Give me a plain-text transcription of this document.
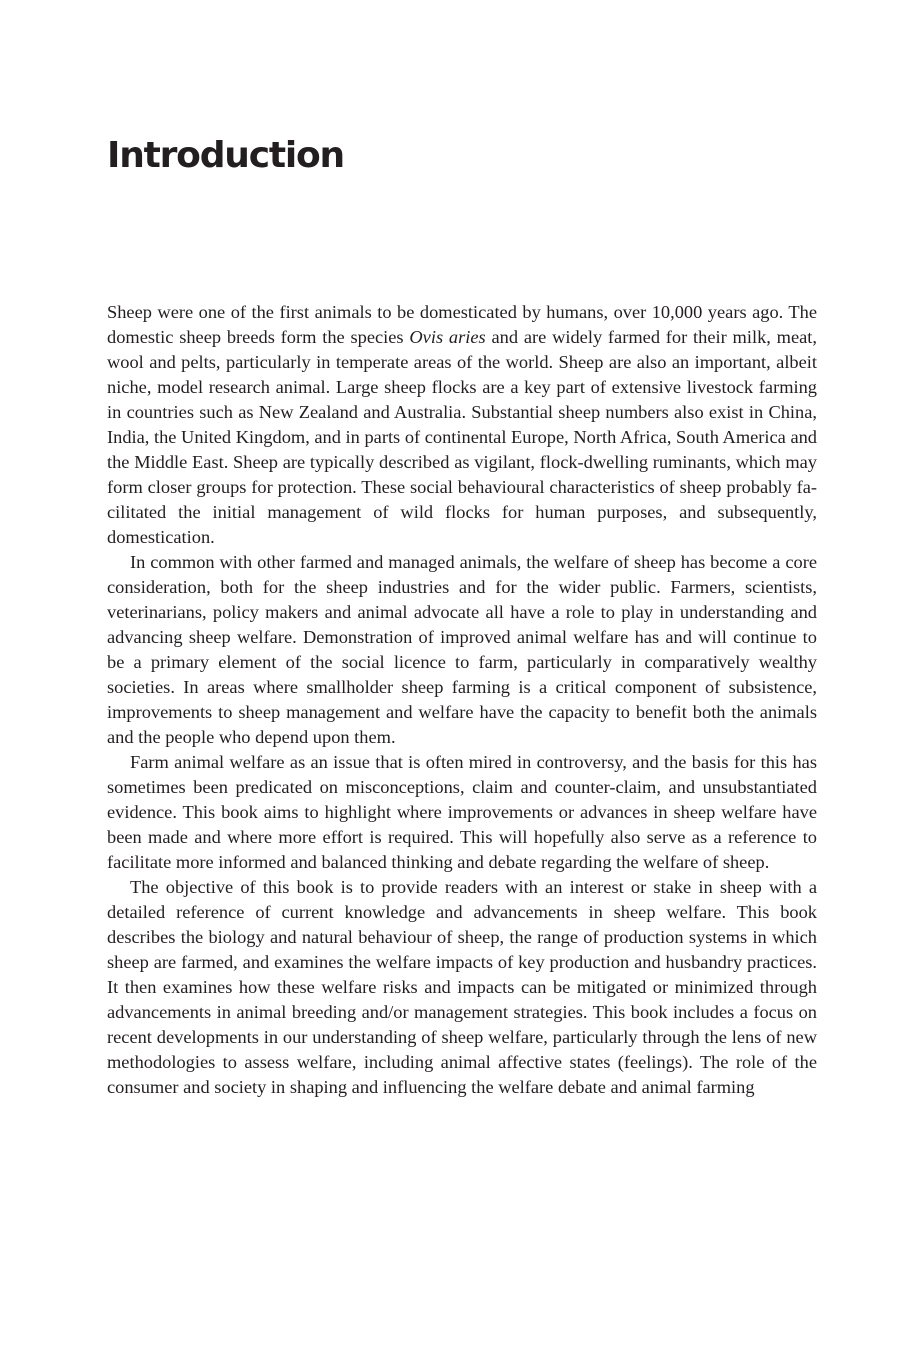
Introduction

Sheep were one of the first animals to be domesticated by humans, over 10,000 years ago. The domestic sheep breeds form the species Ovis aries and are widely farmed for their milk, meat, wool and pelts, particularly in temperate areas of the world. Sheep are also an important, albeit niche, model research animal. Large sheep flocks are a key part of extensive livestock farming in countries such as New Zealand and Australia. Substantial sheep numbers also exist in China, India, the United Kingdom, and in parts of continental Europe, North Africa, South America and the Middle East. Sheep are typically described as vigilant, flock-dwelling ruminants, which may form closer groups for protection. These social behavioural characteristics of sheep probably facilitated the initial management of wild flocks for human purposes, and subsequently, domestication.

In common with other farmed and managed animals, the welfare of sheep has become a core consideration, both for the sheep industries and for the wider public. Farmers, scientists, veterinarians, policy makers and animal advocate all have a role to play in understanding and advancing sheep welfare. Demonstration of improved animal welfare has and will continue to be a primary element of the social licence to farm, particularly in comparatively wealthy societies. In areas where smallholder sheep farming is a critical component of subsistence, improvements to sheep management and welfare have the capacity to benefit both the animals and the people who depend upon them.

Farm animal welfare as an issue that is often mired in controversy, and the basis for this has sometimes been predicated on misconceptions, claim and counter-claim, and unsubstantiated evidence. This book aims to highlight where improvements or advances in sheep welfare have been made and where more effort is required. This will hopefully also serve as a reference to facilitate more informed and balanced thinking and debate regarding the welfare of sheep.

The objective of this book is to provide readers with an interest or stake in sheep with a detailed reference of current knowledge and advancements in sheep welfare. This book describes the biology and natural behaviour of sheep, the range of production systems in which sheep are farmed, and examines the welfare impacts of key production and husbandry practices. It then examines how these welfare risks and impacts can be mitigated or minimized through advancements in animal breeding and/or management strategies. This book includes a focus on recent developments in our understanding of sheep welfare, particularly through the lens of new methodologies to assess welfare, including animal affective states (feelings). The role of the consumer and society in shaping and influencing the welfare debate and animal farming
